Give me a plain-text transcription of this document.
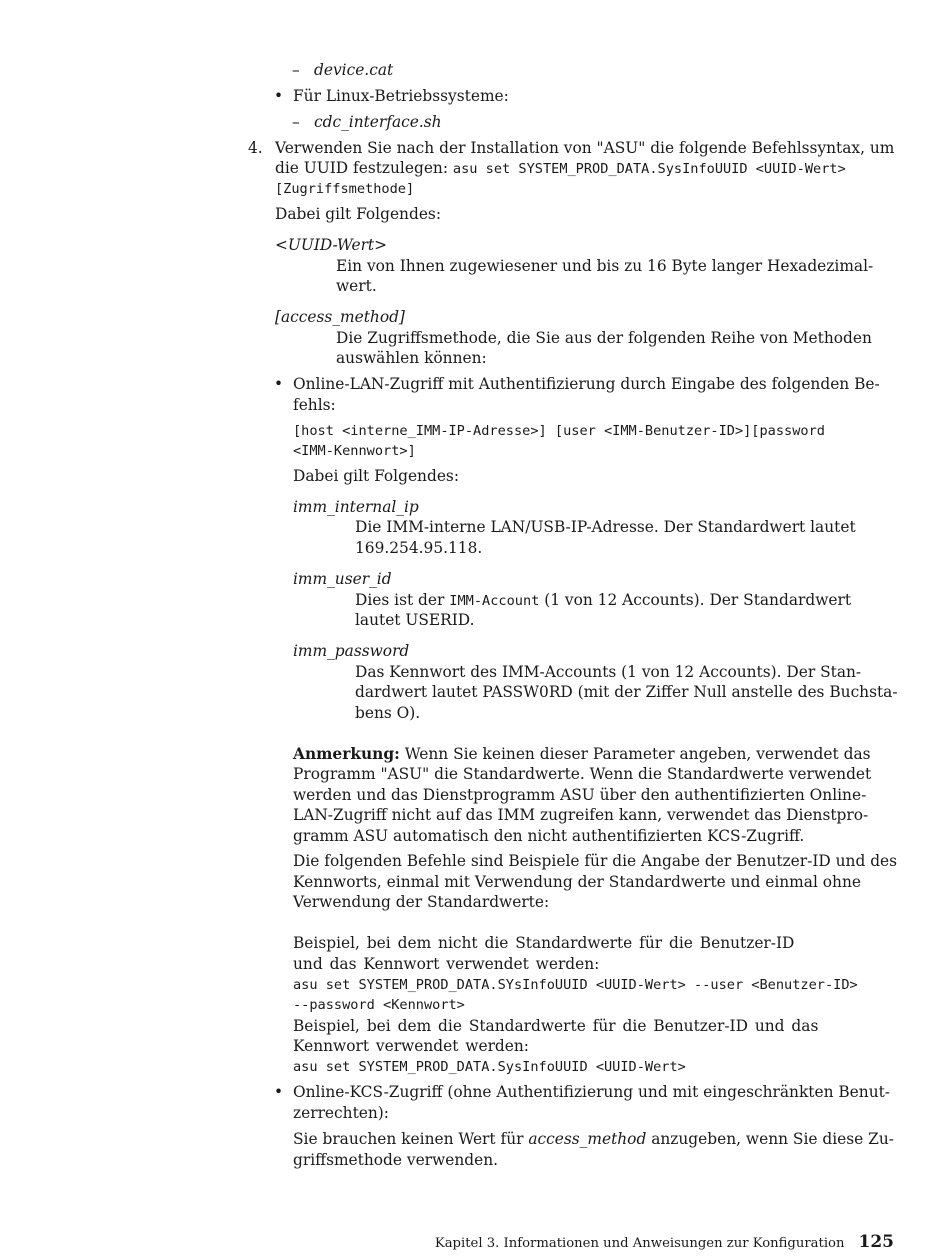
– device.cat
• Für Linux-Betriebssysteme:
– cdc_interface.sh
4. Verwenden Sie nach der Installation von "ASU" die folgende Befehlssyntax, um
die UUID festzulegen: asu set SYSTEM_PROD_DATA.SysInfoUUID <UUID-Wert>
[Zugriffsmethode]
Dabei gilt Folgendes:
<UUID-Wert>
Ein von Ihnen zugewiesener und bis zu 16 Byte langer Hexadezimal-
wert.
[access_method]
Die Zugriffsmethode, die Sie aus der folgenden Reihe von Methoden
auswählen können:
• Online-LAN-Zugriff mit Authentifizierung durch Eingabe des folgenden Be-
fehls:
[host <interne_IMM-IP-Adresse>] [user <IMM-Benutzer-ID>][password
<IMM-Kennwort>]
Dabei gilt Folgendes:
imm_internal_ip
Die IMM-interne LAN/USB-IP-Adresse. Der Standardwert lautet
169.254.95.118.
imm_user_id
Dies ist der IMM-Account (1 von 12 Accounts). Der Standardwert
lautet USERID.
imm_password
Das Kennwort des IMM-Accounts (1 von 12 Accounts). Der Stan-
dardwert lautet PASSW0RD (mit der Ziffer Null anstelle des Buchsta-
bens O).
Anmerkung: Wenn Sie keinen dieser Parameter angeben, verwendet das
Programm "ASU" die Standardwerte. Wenn die Standardwerte verwendet
werden und das Dienstprogramm ASU über den authentifizierten Online-
LAN-Zugriff nicht auf das IMM zugreifen kann, verwendet das Dienstpro-
gramm ASU automatisch den nicht authentifizierten KCS-Zugriff.
Die folgenden Befehle sind Beispiele für die Angabe der Benutzer-ID und des
Kennworts, einmal mit Verwendung der Standardwerte und einmal ohne
Verwendung der Standardwerte:
Beispiel, bei dem nicht die Standardwerte für die Benutzer-ID
und das Kennwort verwendet werden:
asu set SYSTEM_PROD_DATA.SYsInfoUUID <UUID-Wert> --user <Benutzer-ID>
--password <Kennwort>
Beispiel, bei dem die Standardwerte für die Benutzer-ID und das
Kennwort verwendet werden:
asu set SYSTEM_PROD_DATA.SysInfoUUID <UUID-Wert>
• Online-KCS-Zugriff (ohne Authentifizierung und mit eingeschränkten Benut-
zerrechten):
Sie brauchen keinen Wert für access_method anzugeben, wenn Sie diese Zu-
griffsmethode verwenden.
Kapitel 3. Informationen und Anweisungen zur Konfiguration 125
